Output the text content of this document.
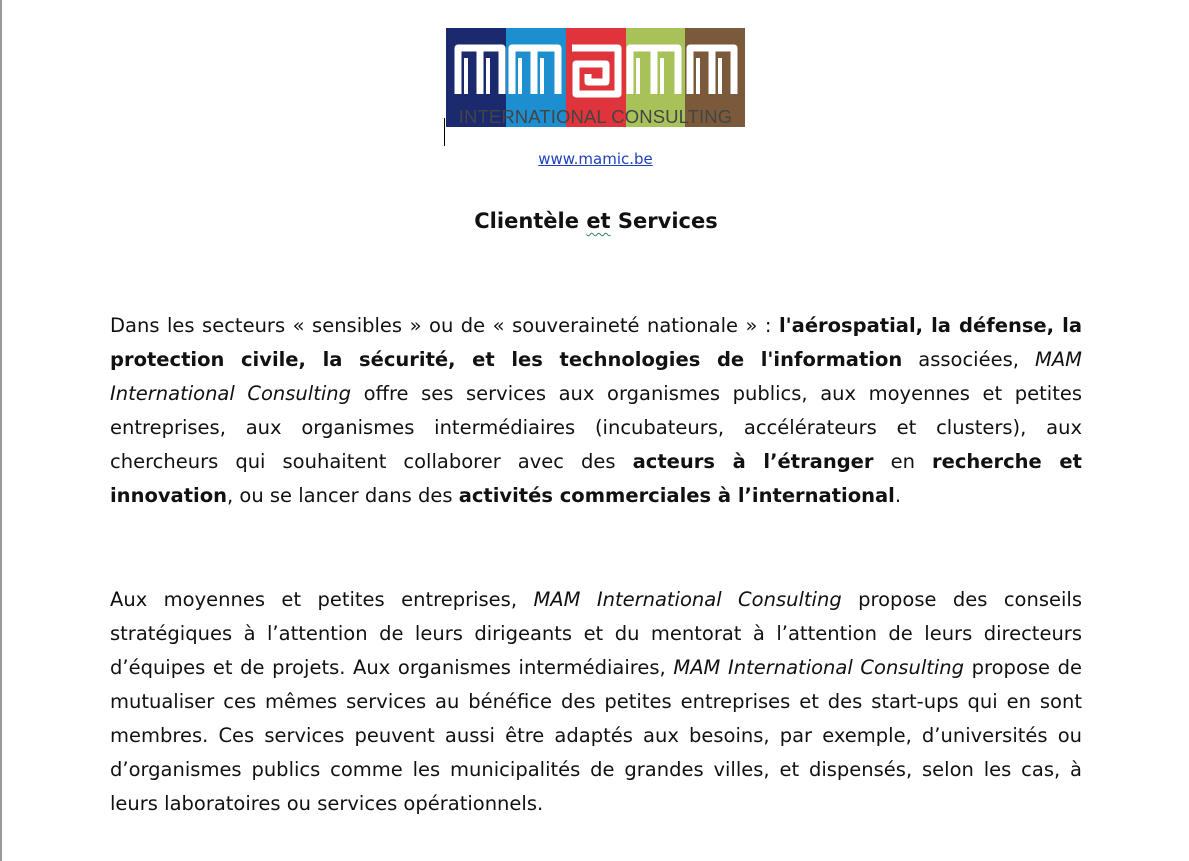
INTERNATIONAL CONSULTING
www.mamic.be
Clientèle et Services

Dans les secteurs « sensibles » ou de « souveraineté nationale » : l'aérospatial, la défense, la protection civile, la sécurité, et les technologies de l'information associées, MAM International Consulting offre ses services aux organismes publics, aux moyennes et petites entreprises, aux organismes intermédiaires (incubateurs, accélérateurs et clusters), aux chercheurs qui souhaitent collaborer avec des acteurs à l’étranger en recherche et innovation, ou se lancer dans des activités commerciales à l’international.

Aux moyennes et petites entreprises, MAM International Consulting propose des conseils stratégiques à l’attention de leurs dirigeants et du mentorat à l’attention de leurs directeurs d’équipes et de projets. Aux organismes intermédiaires, MAM International Consulting propose de mutualiser ces mêmes services au bénéfice des petites entreprises et des start-ups qui en sont membres. Ces services peuvent aussi être adaptés aux besoins, par exemple, d’universités ou d’organismes publics comme les municipalités de grandes villes, et dispensés, selon les cas, à leurs laboratoires ou services opérationnels.
